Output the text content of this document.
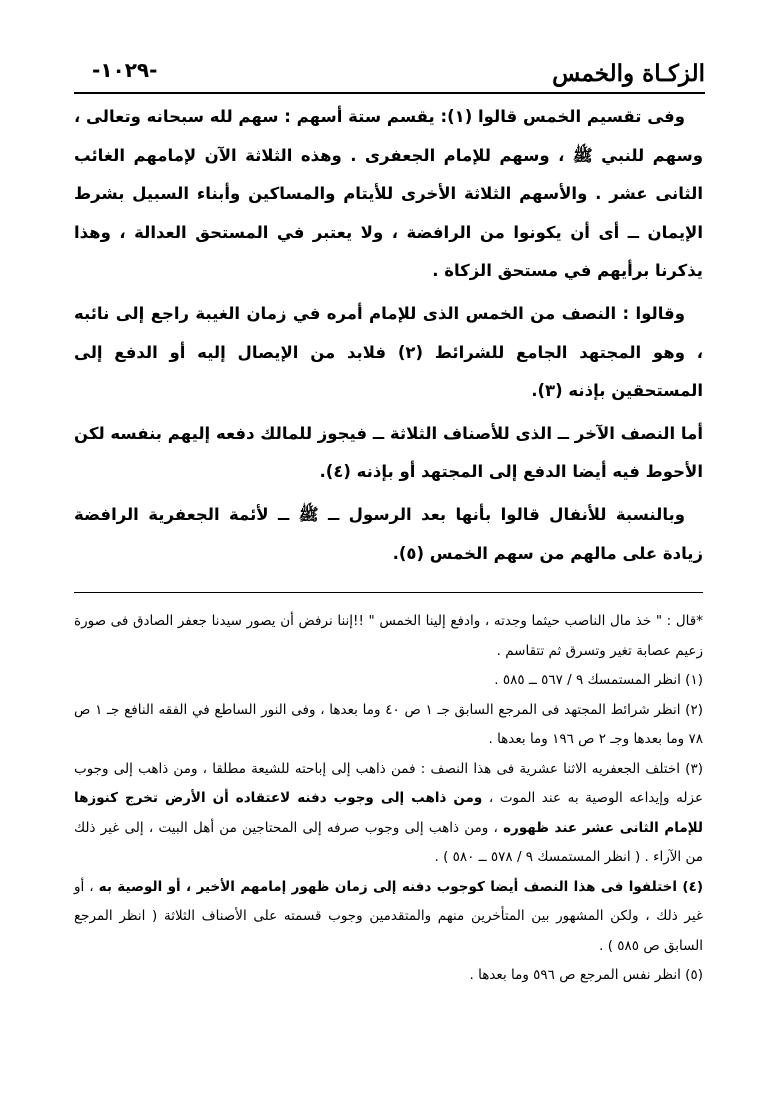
الزكـاة والخمس
-١٠٢٩-

وفى تقسيم الخمس قالوا (١): يقسم ستة أسهم : سهم لله سبحانه وتعالى ، وسهم للنبي ﷺ ، وسهم للإمام الجعفرى . وهذه الثلاثة الآن لإمامهم الغائب الثانى عشر . والأسهم الثلاثة الأخرى للأيتام والمساكين وأبناء السبيل بشرط الإيمان ــ أى أن يكونوا من الرافضة ، ولا يعتبر في المستحق العدالة ، وهذا يذكرنا برأيهم في مستحق الزكاة .

وقالوا : النصف من الخمس الذى للإمام أمره في زمان الغيبة راجع إلى نائبه ، وهو المجتهد الجامع للشرائط (٢) فلابد من الإيصال إليه أو الدفع إلى المستحقين بإذنه (٣).

أما النصف الآخر ــ الذى للأصناف الثلاثة ــ فيجوز للمالك دفعه إليهم بنفسه لكن الأحوط فيه أيضا الدفع إلى المجتهد أو بإذنه (٤).

وبالنسبة للأنفال قالوا بأنها بعد الرسول ــ ﷺ ــ لأئمة الجعفرية الرافضة زيادة على مالهم من سهم الخمس (٥).

*قال : " خذ مال الناصب حيثما وجدته ، وادفع إلينا الخمس " !!إننا نرفض أن يصور سيدنا جعفر الصادق فى صورة زعيم عصابة تغير وتسرق ثم تتقاسم .

(١) انظر المستمسك ٩ / ٥٦٧ ــ ٥٨٥ .

(٢) انظر شرائط المجتهد فى المرجع السابق جـ ١ ص ٤٠ وما بعدها ، وفى النور الساطع في الفقه النافع جـ ١ ص ٧٨ وما بعدها وجـ ٢ ص ١٩٦ وما بعدها .

(٣) اختلف الجعفريه الاثنا عشرية فى هذا النصف : فمن ذاهب إلى إباحته للشيعة مطلقا ، ومن ذاهب إلى وجوب عزله وإيداعه الوصية به عند الموت ، ومن ذاهب إلى وجوب دفنه لاعتقاده أن الأرض تخرج كنوزها للإمام الثانى عشر عند ظهوره ، ومن ذاهب إلى وجوب صرفه إلى المحتاجين من أهل البيت ، إلى غير ذلك من الآراء . ( انظر المستمسك ٩ / ٥٧٨ ــ ٥٨٠ ) .

(٤) اختلفوا فى هذا النصف أيضا كوجوب دفنه إلى زمان ظهور إمامهم الأخير ، أو الوصية به ، أو غير ذلك ، ولكن المشهور بين المتأخرين منهم والمتقدمين وجوب قسمته على الأصناف الثلاثة ( انظر المرجع السابق ص ٥٨٥ ) .

(٥) انظر نفس المرجع ص ٥٩٦ وما بعدها .
